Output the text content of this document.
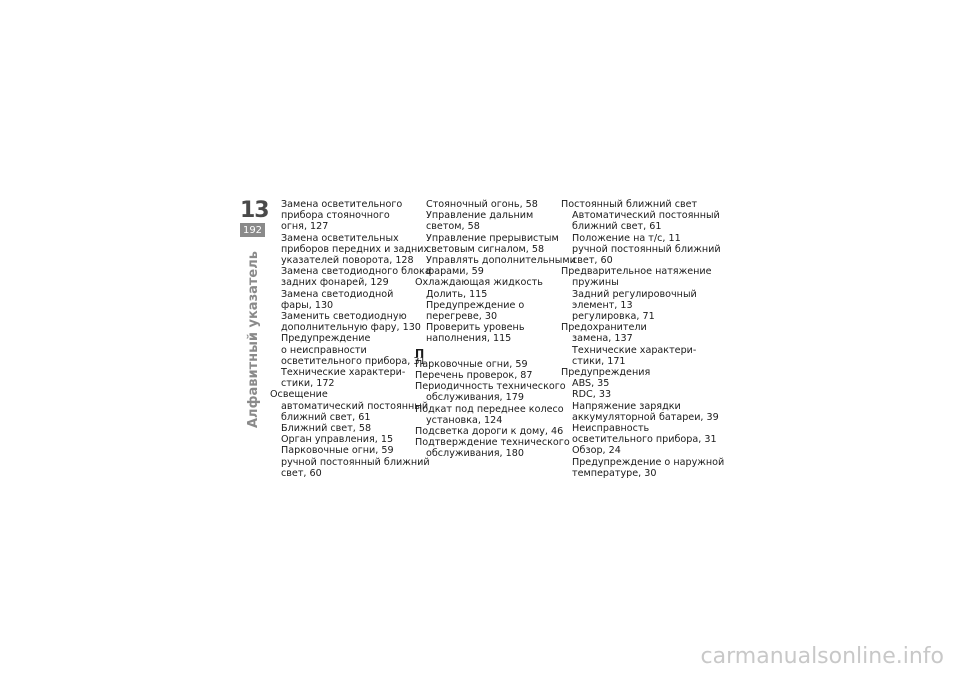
13
192
Алфавитный указатель
Замена осветительного
прибора стояночного
огня, 127
Замена осветительных
приборов передних и задних
указателей поворота, 128
Замена светодиодного блока
задних фонарей, 129
Замена светодиодной
фары, 130
Заменить светодиодную
дополнительную фару, 130
Предупреждение
о неисправности
осветительного прибора, 31
Технические характери-
стики, 172
Освещение
автоматический постоянный
ближний свет, 61
Ближний свет, 58
Орган управления, 15
Парковочные огни, 59
ручной постоянный ближний
свет, 60
Стояночный огонь, 58
Управление дальним
светом, 58
Управление прерывистым
световым сигналом, 58
Управлять дополнительными
фарами, 59
Охлаждающая жидкость
Долить, 115
Предупреждение о
перегреве, 30
Проверить уровень
наполнения, 115
П
Парковочные огни, 59
Перечень проверок, 87
Периодичность технического
обслуживания, 179
Подкат под переднее колесо
установка, 124
Подсветка дороги к дому, 46
Подтверждение технического
обслуживания, 180
Постоянный ближний свет
Автоматический постоянный
ближний свет, 61
Положение на т/с, 11
ручной постоянный ближний
свет, 60
Предварительное натяжение
пружины
Задний регулировочный
элемент, 13
регулировка, 71
Предохранители
замена, 137
Технические характери-
стики, 171
Предупреждения
ABS, 35
RDC, 33
Напряжение зарядки
аккумуляторной батареи, 39
Неисправность
осветительного прибора, 31
Обзор, 24
Предупреждение о наружной
температуре, 30
carmanualsonline.info
